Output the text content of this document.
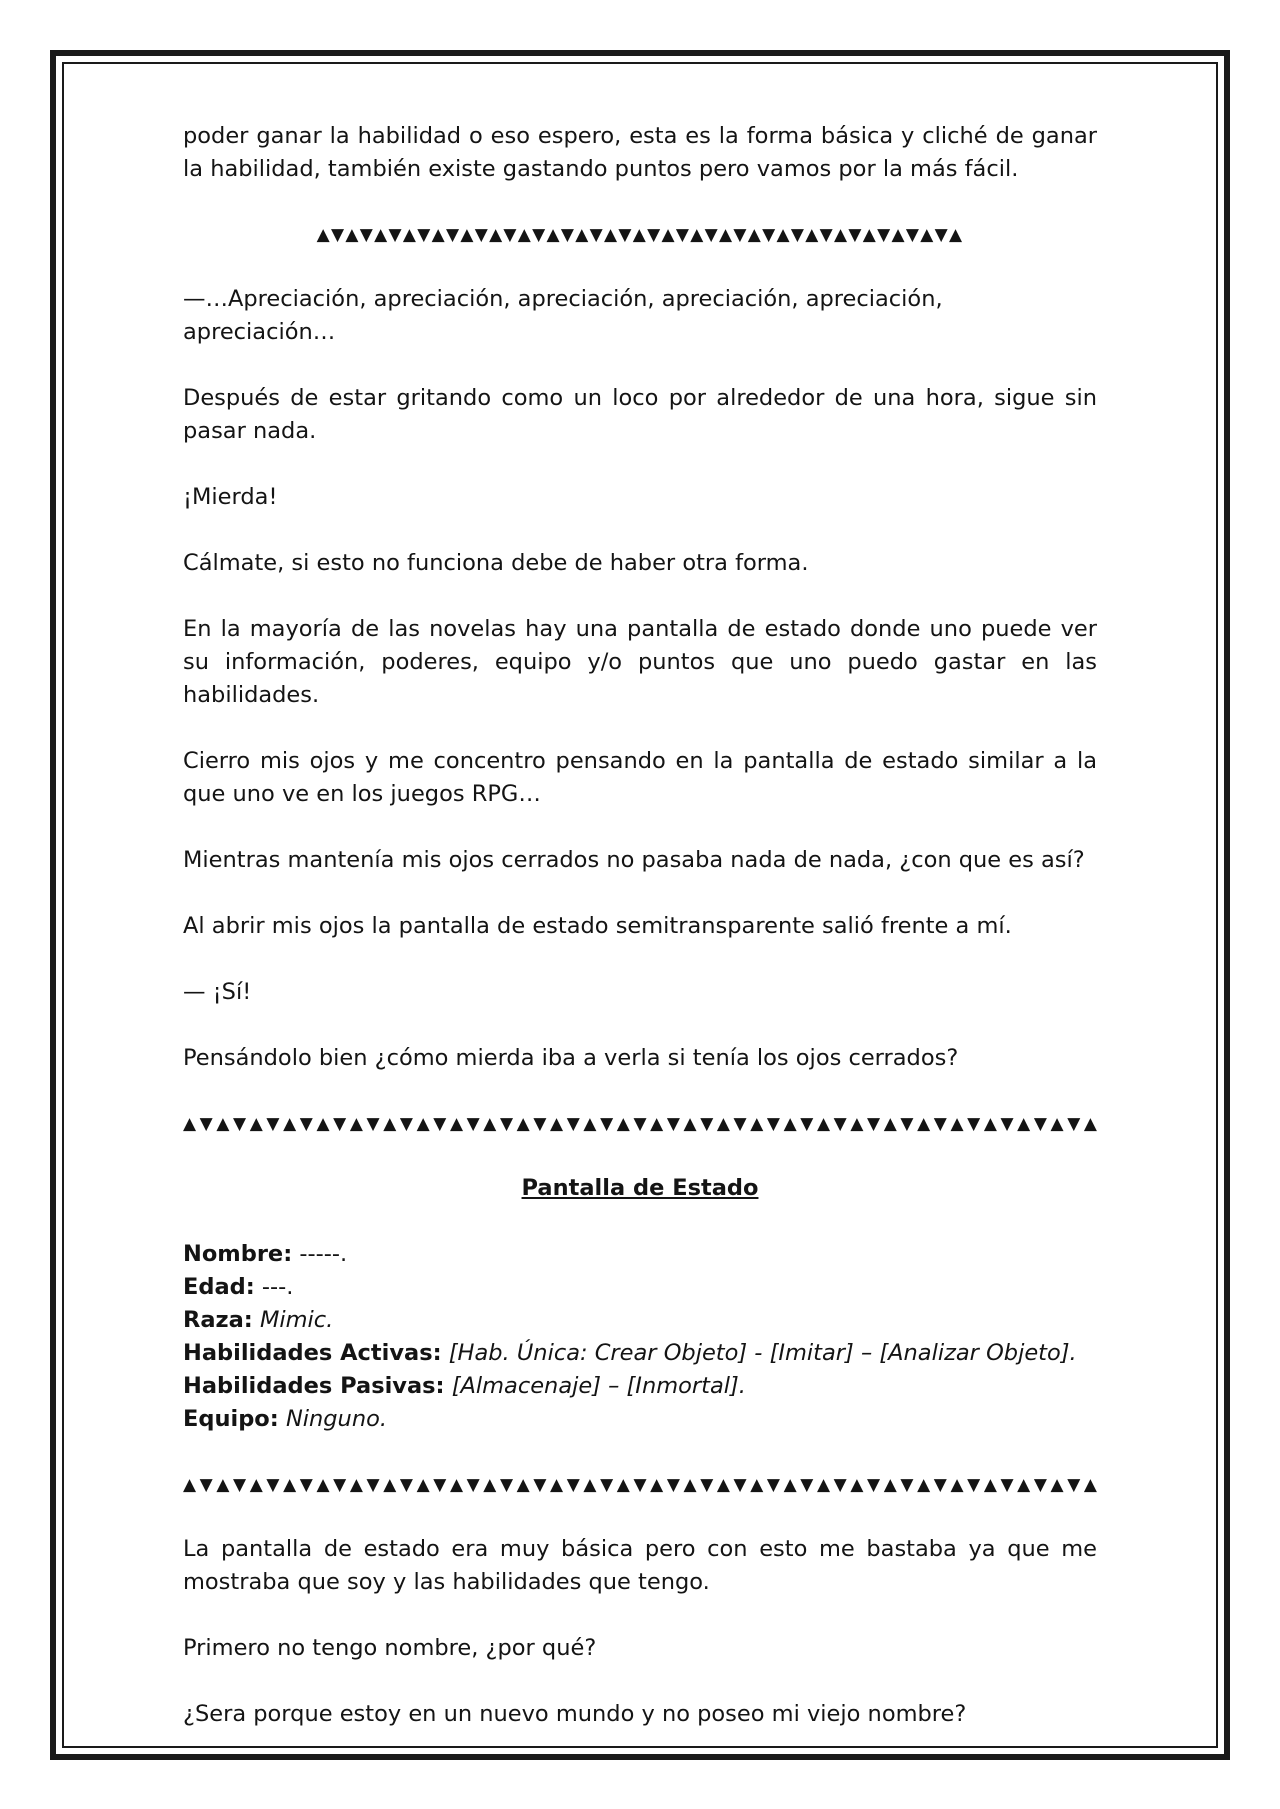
poder ganar la habilidad o eso espero, esta es la forma básica y cliché de ganar la habilidad, también existe gastando puntos pero vamos por la más fácil.

▲▼▲▼▲▼▲▼▲▼▲▼▲▼▲▼▲▼▲▼▲▼▲▼▲▼▲▼▲▼▲▼▲▼▲▼▲▼▲▼▲▼▲▼▲

—…Apreciación, apreciación, apreciación, apreciación, apreciación, apreciación…

Después de estar gritando como un loco por alrededor de una hora, sigue sin pasar nada.

¡Mierda!

Cálmate, si esto no funciona debe de haber otra forma.

En la mayoría de las novelas hay una pantalla de estado donde uno puede ver su información, poderes, equipo y/o puntos que uno puedo gastar en las habilidades.

Cierro mis ojos y me concentro pensando en la pantalla de estado similar a la que uno ve en los juegos RPG…

Mientras mantenía mis ojos cerrados no pasaba nada de nada, ¿con que es así?

Al abrir mis ojos la pantalla de estado semitransparente salió frente a mí.

— ¡Sí!

Pensándolo bien ¿cómo mierda iba a verla si tenía los ojos cerrados?

▲▼▲▼▲▼▲▼▲▼▲▼▲▼▲▼▲▼▲▼▲▼▲▼▲▼▲▼▲▼▲▼▲▼▲▼▲▼▲▼▲▼▲▼▲▼▲▼▲▼▲▼▲▼▲
Pantalla de Estado
Nombre: -----.
Edad: ---.
Raza: Mimic.
Habilidades Activas: [Hab. Única: Crear Objeto] - [Imitar] – [Analizar Objeto].
Habilidades Pasivas: [Almacenaje] – [Inmortal].
Equipo: Ninguno.
▲▼▲▼▲▼▲▼▲▼▲▼▲▼▲▼▲▼▲▼▲▼▲▼▲▼▲▼▲▼▲▼▲▼▲▼▲▼▲▼▲▼▲▼▲▼▲▼▲▼▲▼▲▼▲

La pantalla de estado era muy básica pero con esto me bastaba ya que me mostraba que soy y las habilidades que tengo.

Primero no tengo nombre, ¿por qué?

¿Sera porque estoy en un nuevo mundo y no poseo mi viejo nombre?
